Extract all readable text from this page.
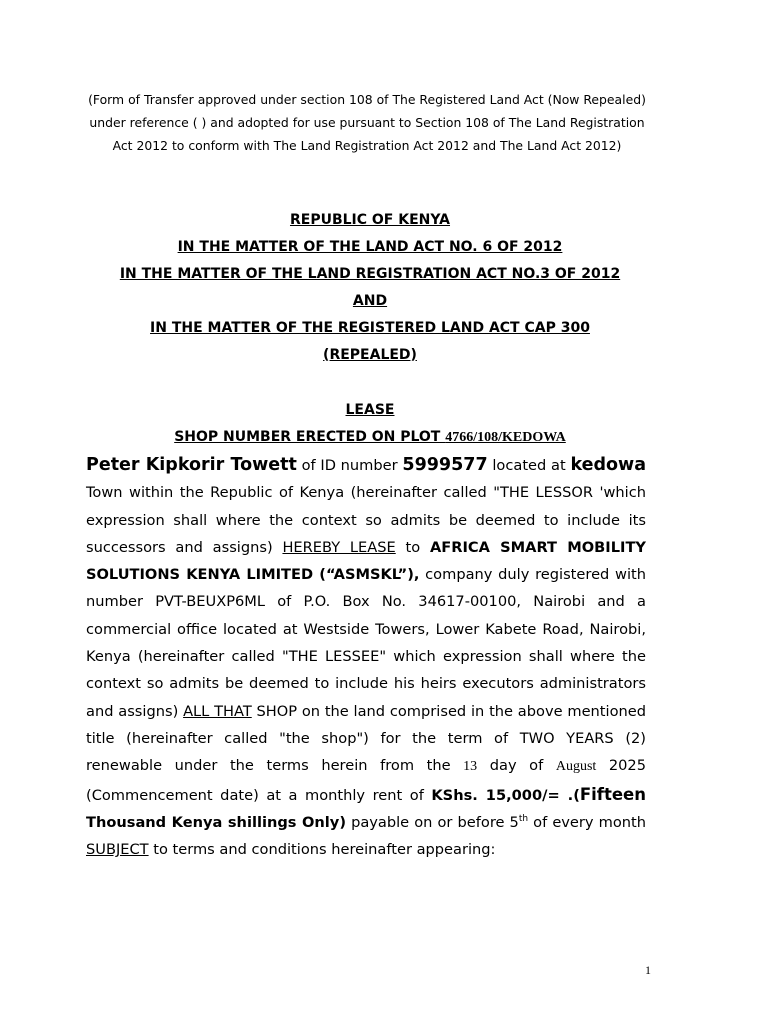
(Form of Transfer approved under section 108 of The Registered Land Act (Now Repealed) under reference ( ) and adopted for use pursuant to Section 108 of The Land Registration Act 2012 to conform with The Land Registration Act 2012 and The Land Act 2012)
REPUBLIC OF KENYA
IN THE MATTER OF THE LAND ACT NO. 6 OF 2012
IN THE MATTER OF THE LAND REGISTRATION ACT NO.3 OF 2012
AND
IN THE MATTER OF THE REGISTERED LAND ACT CAP 300
(REPEALED)
LEASE
SHOP NUMBER ERECTED ON PLOT 4766/108/KEDOWA
Peter Kipkorir Towett of ID number 5999577 located at kedowa Town within the Republic of Kenya (hereinafter called "THE LESSOR 'which expression shall where the context so admits be deemed to include its successors and assigns) HEREBY LEASE to AFRICA SMART MOBILITY SOLUTIONS KENYA LIMITED (“ASMSKL”), company duly registered with number PVT-BEUXP6ML of P.O. Box No. 34617-00100, Nairobi and a commercial office located at Westside Towers, Lower Kabete Road, Nairobi, Kenya (hereinafter called "THE LESSEE" which expression shall where the context so admits be deemed to include his heirs executors administrators and assigns) ALL THAT SHOP on the land comprised in the above mentioned title (hereinafter called "the shop") for the term of TWO YEARS (2) renewable under the terms herein from the 13 day of August 2025 (Commencement date) at a monthly rent of KShs. 15,000/= .(Fifteen Thousand Kenya shillings Only) payable on or before 5th of every month SUBJECT to terms and conditions hereinafter appearing:
1
